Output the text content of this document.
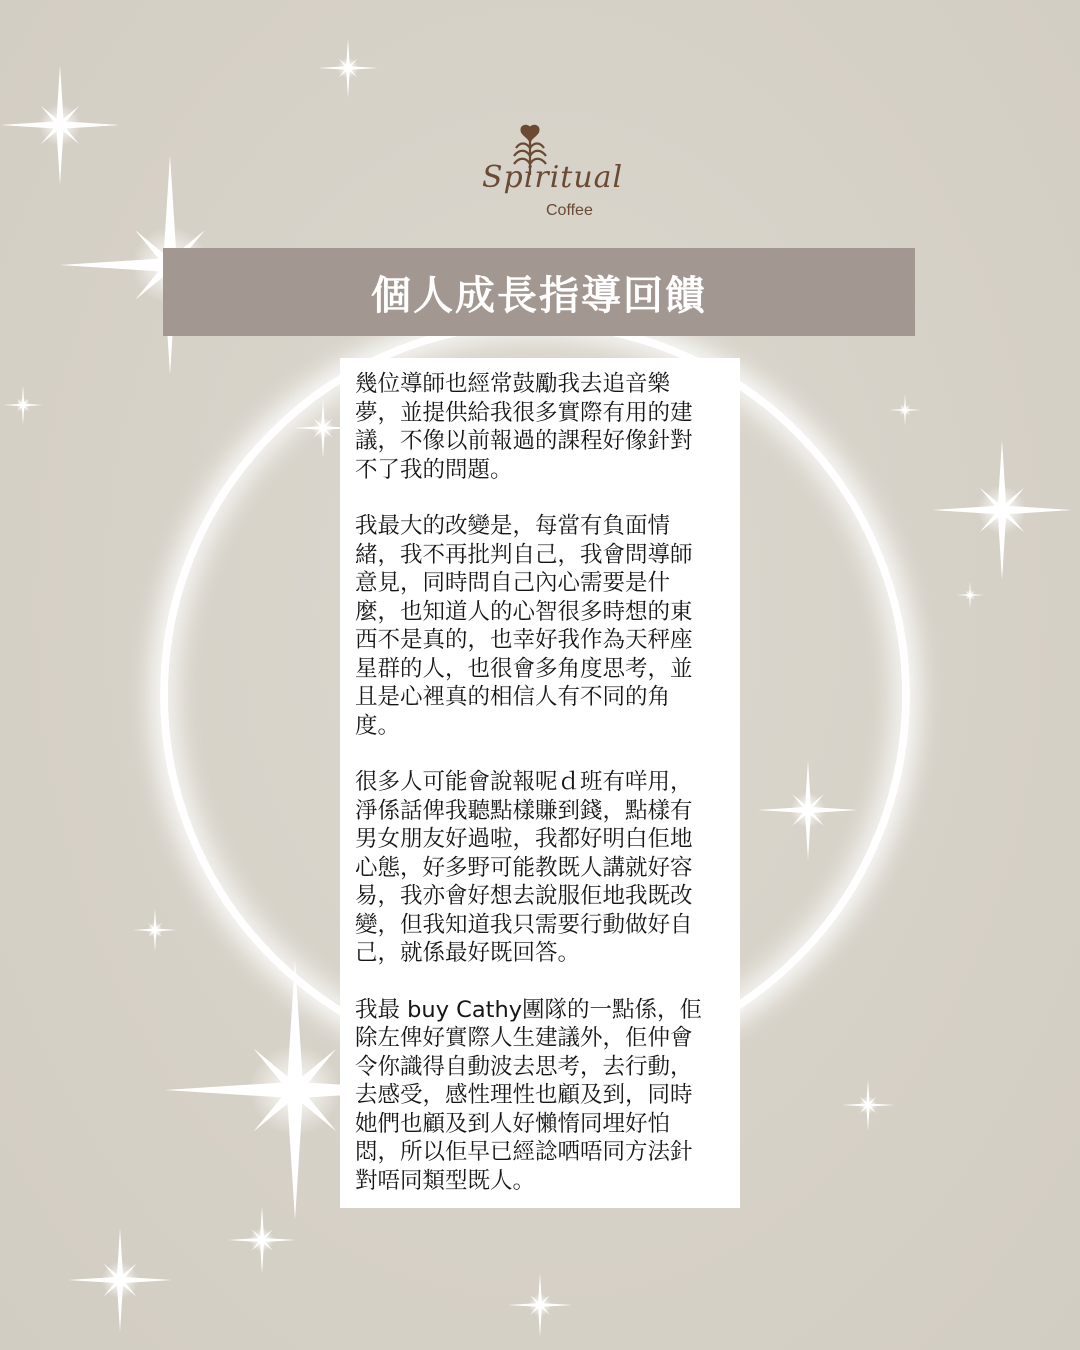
Spiritual
Coffee
個人成長指導回饋

幾位導師也經常鼓勵我去追音樂
夢，並提供給我很多實際有用的建
議，不像以前報過的課程好像針對
不了我的問題。

我最大的改變是，每當有負面情
緒，我不再批判自己，我會問導師
意見，同時問自己內心需要是什
麼，也知道人的心智很多時想的東
西不是真的，也幸好我作為天秤座
星群的人，也很會多角度思考，並
且是心裡真的相信人有不同的角
度。

很多人可能會說報呢ｄ班有咩用，
淨係話俾我聽點樣賺到錢，點樣有
男女朋友好過啦，我都好明白佢地
心態，好多野可能教既人講就好容
易，我亦會好想去說服佢地我既改
變，但我知道我只需要行動做好自
己，就係最好既回答。

我最 buy Cathy團隊的一點係，佢
除左俾好實際人生建議外，佢仲會
令你識得自動波去思考，去行動，
去感受，感性理性也顧及到，同時
她們也顧及到人好懶惰同埋好怕
悶，所以佢早已經諗哂唔同方法針
對唔同類型既人。
